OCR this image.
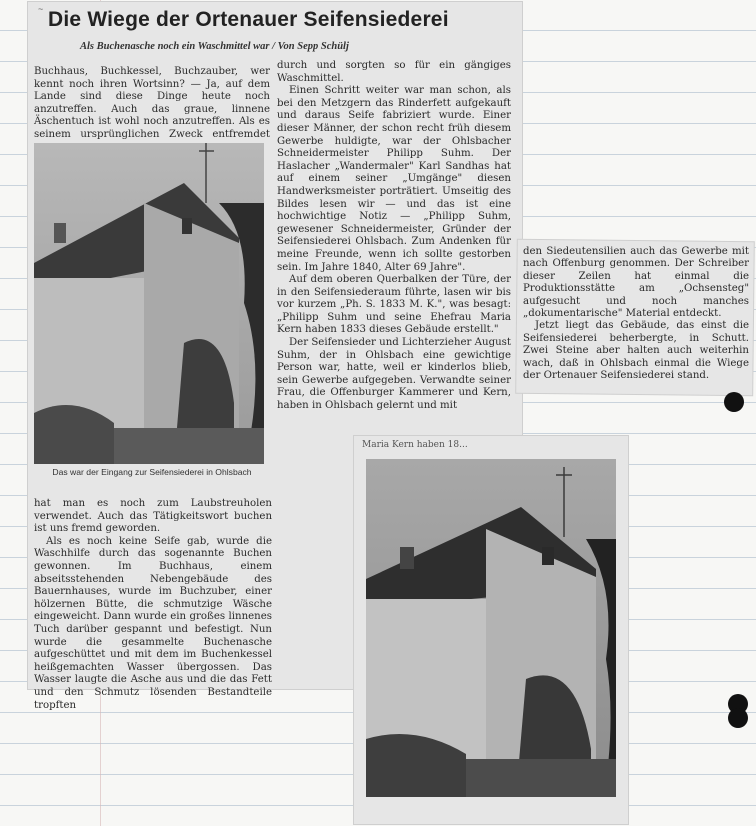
~ Die Wiege der Ortenauer Seifensiederei
Als Buchenasche noch ein Waschmittel war / Von Sepp Schülj

Buchhaus, Buchkessel, Buchzauber, wer kennt noch ihren Wortsinn? — Ja, auf dem Lande sind diese Dinge heute noch anzutreffen. Auch das graue, linnene Äschentuch ist wohl noch anzutreffen. Als es seinem ursprünglichen Zweck entfremdet

Das war der Eingang zur Seifensiederei in Ohlsbach

hat man es noch zum Laubstreuholen verwendet. Auch das Tätigkeitswort buchen ist uns fremd geworden.

Als es noch keine Seife gab, wurde die Waschhilfe durch das sogenannte Buchen gewonnen. Im Buchhaus, einem abseitsstehenden Nebengebäude des Bauernhauses, wurde im Buchzuber, einer hölzernen Bütte, die schmutzige Wäsche eingeweicht. Dann wurde ein großes linnenes Tuch darüber gespannt und befestigt. Nun wurde die gesammelte Buchenasche aufgeschüttet und mit dem im Buchenkessel heißgemachten Wasser übergossen. Das Wasser laugte die Asche aus und die das Fett und den Schmutz lösenden Bestandteile tropften

durch und sorgten so für ein gängiges Waschmittel.

Einen Schritt weiter war man schon, als bei den Metzgern das Rinderfett aufgekauft und daraus Seife fabriziert wurde. Einer dieser Männer, der schon recht früh diesem Gewerbe huldigte, war der Ohlsbacher Schneidermeister Philipp Suhm. Der Haslacher „Wandermaler" Karl Sandhas hat auf einem seiner „Umgänge" diesen Handwerksmeister porträtiert. Umseitig des Bildes lesen wir — und das ist eine hochwichtige Notiz — „Philipp Suhm, gewesener Schneidermeister, Gründer der Seifensiederei Ohlsbach. Zum Andenken für meine Freunde, wenn ich sollte gestorben sein. Im Jahre 1840, Alter 69 Jahre".

Auf dem oberen Querbalken der Türe, der in den Seifensiederaum führte, lasen wir bis vor kurzem „Ph. S. 1833 M. K.", was besagt: „Philipp Suhm und seine Ehefrau Maria Kern haben 1833 dieses Gebäude erstellt."

Der Seifensieder und Lichterzieher August Suhm, der in Ohlsbach eine gewichtige Person war, hatte, weil er kinderlos blieb, sein Gewerbe aufgegeben. Verwandte seiner Frau, die Offenburger Kammerer und Kern, haben in Ohlsbach gelernt und mit

den Siedeutensilien auch das Gewerbe mit nach Offenburg genommen. Der Schreiber dieser Zeilen hat einmal die Produktionsstätte am „Ochsensteg" aufgesucht und noch manches „dokumentarische" Material entdeckt.

Jetzt liegt das Gebäude, das einst die Seifensiederei beherbergte, in Schutt. Zwei Steine aber halten auch weiterhin wach, daß in Ohlsbach einmal die Wiege der Ortenauer Seifensiederei stand.

Maria Kern haben 18...
